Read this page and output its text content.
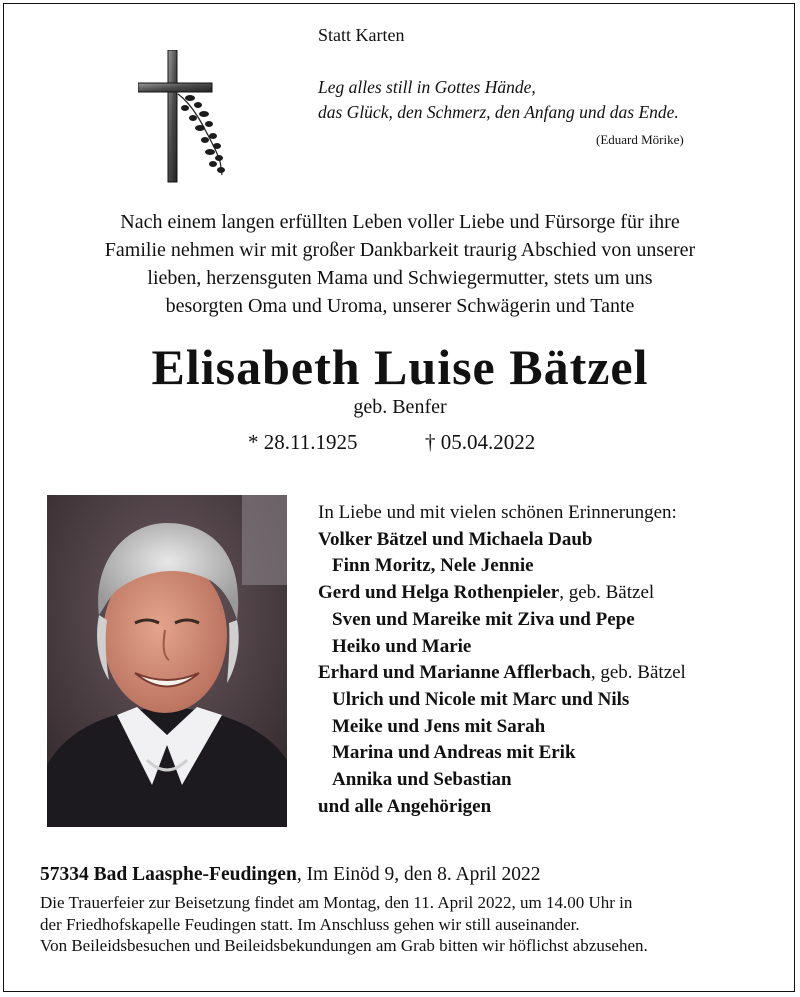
Statt Karten
Leg alles still in Gottes Hände,
das Glück, den Schmerz, den Anfang und das Ende.
(Eduard Mörike)
Nach einem langen erfüllten Leben voller Liebe und Fürsorge für ihre
Familie nehmen wir mit großer Dankbarkeit traurig Abschied von unserer
lieben, herzensguten Mama und Schwiegermutter, stets um uns
besorgten Oma und Uroma, unserer Schwägerin und Tante
Elisabeth Luise Bätzel
geb. Benfer
* 28.11.1925	† 05.04.2022
In Liebe und mit vielen schönen Erinnerungen:
Volker Bätzel und Michaela Daub
Finn Moritz, Nele Jennie
Gerd und Helga Rothenpieler, geb. Bätzel
Sven und Mareike mit Ziva und Pepe
Heiko und Marie
Erhard und Marianne Afflerbach, geb. Bätzel
Ulrich und Nicole mit Marc und Nils
Meike und Jens mit Sarah
Marina und Andreas mit Erik
Annika und Sebastian
und alle Angehörigen
57334 Bad Laasphe-Feudingen, Im Einöd 9, den 8. April 2022
Die Trauerfeier zur Beisetzung findet am Montag, den 11. April 2022, um 14.00 Uhr in
der Friedhofskapelle Feudingen statt. Im Anschluss gehen wir still auseinander.
Von Beileidsbesuchen und Beileidsbekundungen am Grab bitten wir höflichst abzusehen.
